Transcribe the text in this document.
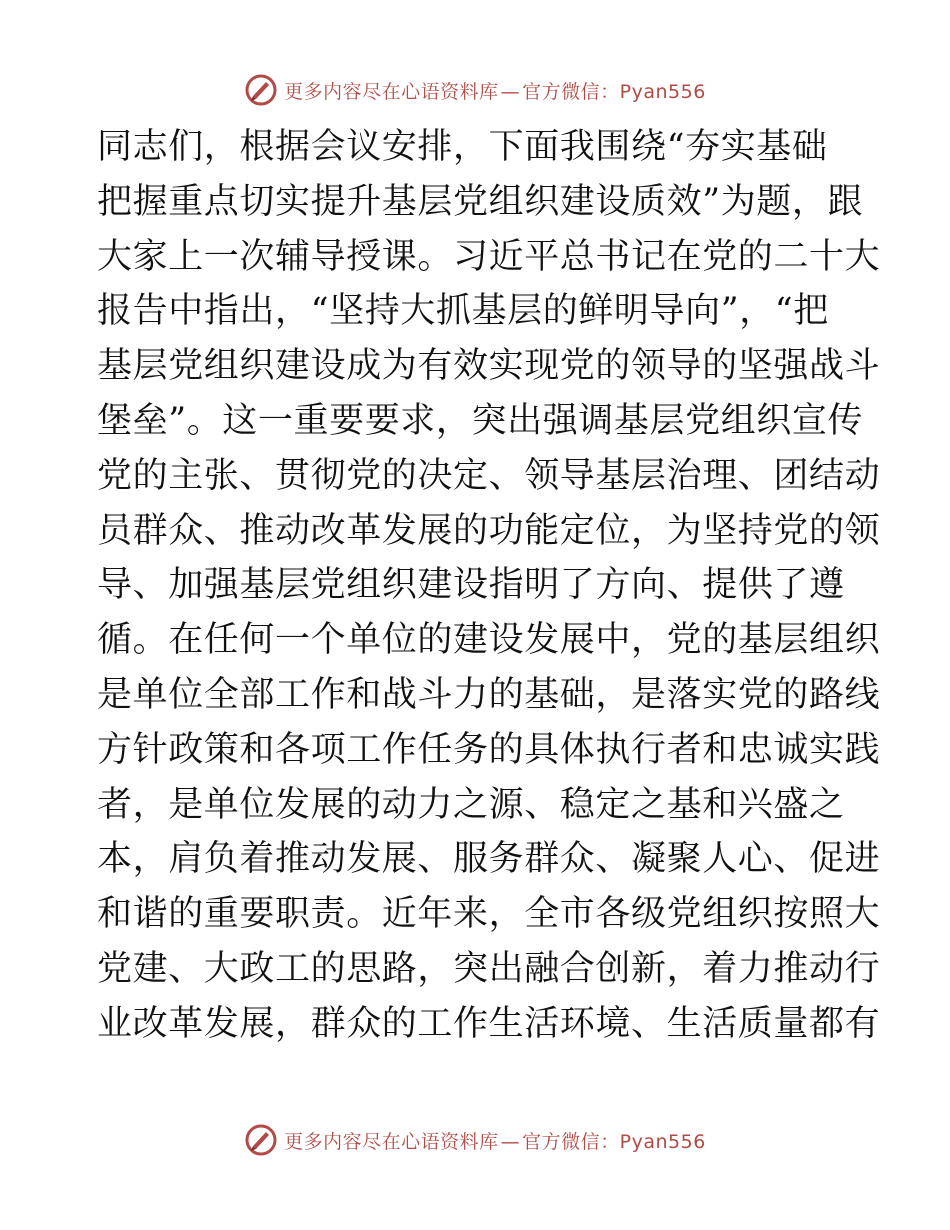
更多内容尽在心语资料库 — 官方微信：Pyan556
同志们，根据会议安排，下面我围绕“夯实基础
把握重点切实提升基层党组织建设质效”为题，跟
大家上一次辅导授课。习近平总书记在党的二十大
报告中指出，“坚持大抓基层的鲜明导向”，“把
基层党组织建设成为有效实现党的领导的坚强战斗
堡垒”。这一重要要求，突出强调基层党组织宣传
党的主张、贯彻党的决定、领导基层治理、团结动
员群众、推动改革发展的功能定位，为坚持党的领
导、加强基层党组织建设指明了方向、提供了遵
循。在任何一个单位的建设发展中，党的基层组织
是单位全部工作和战斗力的基础，是落实党的路线
方针政策和各项工作任务的具体执行者和忠诚实践
者，是单位发展的动力之源、稳定之基和兴盛之
本，肩负着推动发展、服务群众、凝聚人心、促进
和谐的重要职责。近年来，全市各级党组织按照大
党建、大政工的思路，突出融合创新，着力推动行
业改革发展，群众的工作生活环境、生活质量都有
更多内容尽在心语资料库 — 官方微信：Pyan556
